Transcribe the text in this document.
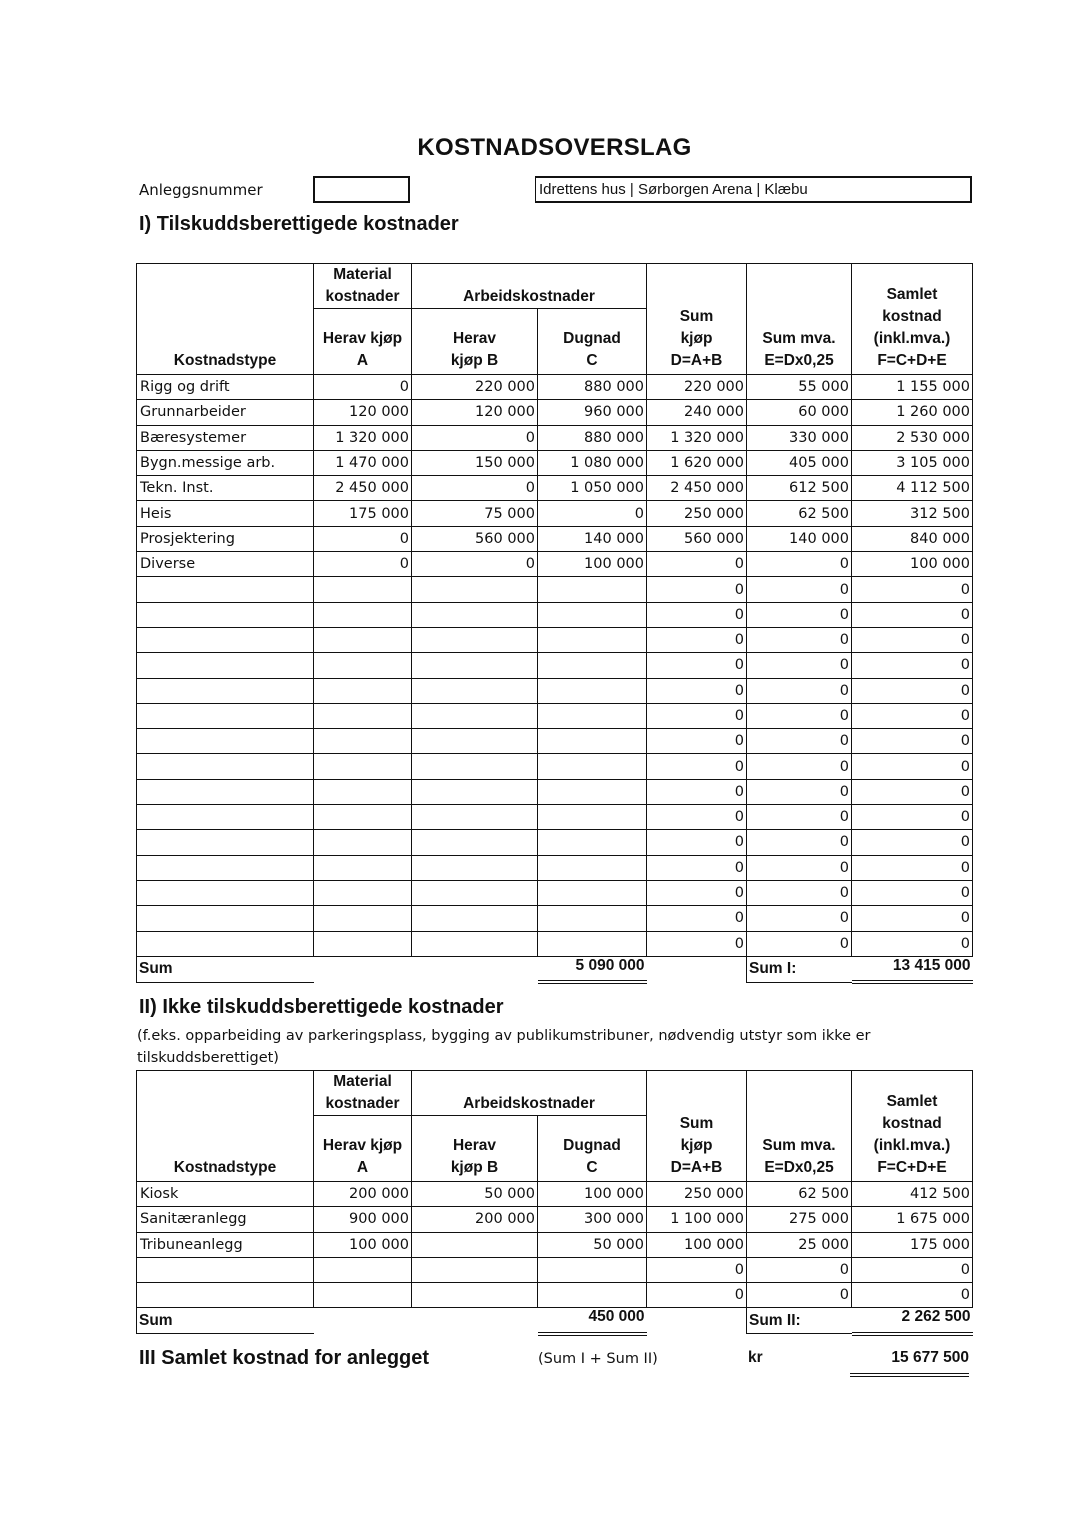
KOSTNADSOVERSLAG
Anleggsnummer	Idrettens hus | Sørborgen Arena | Klæbu
I) Tilskuddsberettigede kostnader
Kostnadstype	Material kostnader	Arbeidskostnader		Sum kjøp D=A+B	Sum mva. E=Dx0,25	Samlet kostnad (inkl.mva.) F=C+D+E
	Herav kjøp A	Herav kjøp B	Dugnad C			
Rigg og drift	0	220 000	880 000	220 000	55 000	1 155 000
Grunnarbeider	120 000	120 000	960 000	240 000	60 000	1 260 000
Bæresystemer	1 320 000	0	880 000	1 320 000	330 000	2 530 000
Bygn.messige arb.	1 470 000	150 000	1 080 000	1 620 000	405 000	3 105 000
Tekn. Inst.	2 450 000	0	1 050 000	2 450 000	612 500	4 112 500
Heis	175 000	75 000	0	250 000	62 500	312 500
Prosjektering	0	560 000	140 000	560 000	140 000	840 000
Diverse	0	0	100 000	0	0	100 000
				0	0	0
				0	0	0
				0	0	0
				0	0	0
				0	0	0
				0	0	0
				0	0	0
				0	0	0
				0	0	0
				0	0	0
				0	0	0
				0	0	0
				0	0	0
				0	0	0
				0	0	0
Sum			5 090 000		Sum I:	13 415 000
II) Ikke tilskuddsberettigede kostnader
(f.eks. opparbeiding av parkeringsplass, bygging av publikumstribuner, nødvendig utstyr som ikke er tilskuddsberettiget)
Kostnadstype	Material kostnader	Arbeidskostnader		Sum kjøp D=A+B	Sum mva. E=Dx0,25	Samlet kostnad (inkl.mva.) F=C+D+E
	Herav kjøp A	Herav kjøp B	Dugnad C			
Kiosk	200 000	50 000	100 000	250 000	62 500	412 500
Sanitæranlegg	900 000	200 000	300 000	1 100 000	275 000	1 675 000
Tribuneanlegg	100 000		50 000	100 000	25 000	175 000
				0	0	0
				0	0	0
Sum			450 000		Sum II:	2 262 500
III Samlet kostnad for anlegget	(Sum I + Sum II)	kr	15 677 500
